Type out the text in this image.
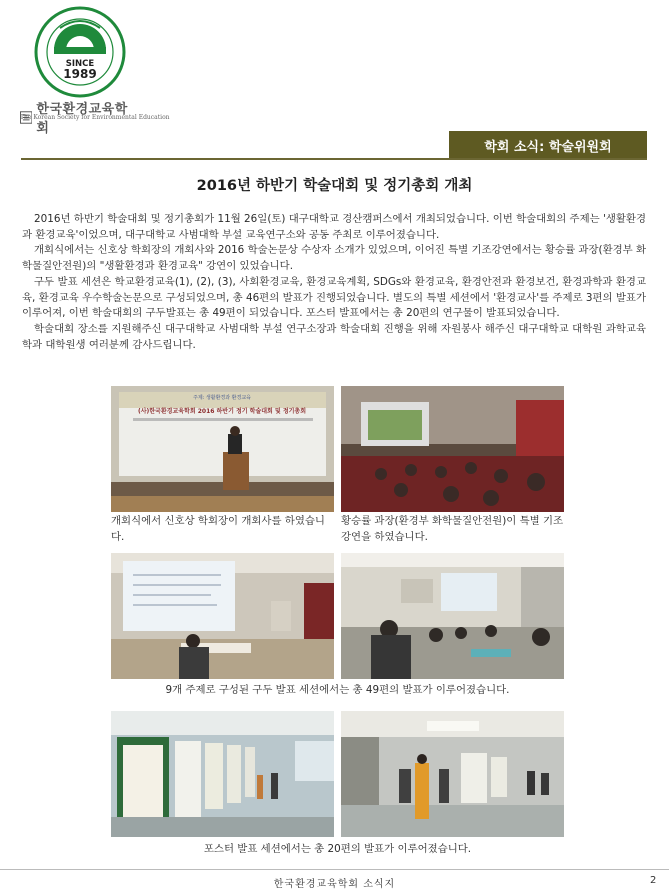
SINCE
1989
한국환경교육학회
The Korean Society for Environmental Education
학회 소식: 학술위원회
2016년 하반기 학술대회 및 정기총회 개최

2016년 하반기 학술대회 및 정기총회가 11월 26일(토) 대구대학교 경산캠퍼스에서 개최되었습니다. 이번 학술대회의 주제는 '생활환경과 환경교육'이었으며, 대구대학교 사범대학 부설 교육연구소와 공동 주최로 이루어졌습니다.

개회식에서는 신호상 학회장의 개회사와 2016 학술논문상 수상자 소개가 있었으며, 이어진 특별 기조강연에서는 황승률 과장(환경부 화학물질안전원)의 "생활환경과 환경교육" 강연이 있었습니다.

구두 발표 세션은 학교환경교육(1), (2), (3), 사회환경교육, 환경교육계획, SDGs와 환경교육, 환경안전과 환경보건, 환경과학과 환경교육, 환경교육 우수학술논문으로 구성되었으며, 총 46편의 발표가 진행되었습니다. 별도의 특별 세션에서 '환경교사'를 주제로 3편의 발표가 이루어져, 이번 학술대회의 구두발표는 총 49편이 되었습니다. 포스터 발표에서는 총 20편의 연구물이 발표되었습니다.

학술대회 장소를 지원해주신 대구대학교 사범대학 부설 연구소장과 학술대회 진행을 위해 자원봉사 해주신 대구대학교 대학원 과학교육학과 대학원생 여러분께 감사드립니다.

주제: 생활환경과 환경교육
(사)한국환경교육학회 2016 하반기 정기 학술대회 및 정기총회
개회식에서 신호상 학회장이 개회사를 하였습니다.
황승률 과장(환경부 화학물질안전원)이 특별 기조강연을 하였습니다.
9개 주제로 구성된 구두 발표 세션에서는 총 49편의 발표가 이루어졌습니다.
포스터 발표 세션에서는 총 20편의 발표가 이루어졌습니다.
한국환경교육학회 소식지	2
